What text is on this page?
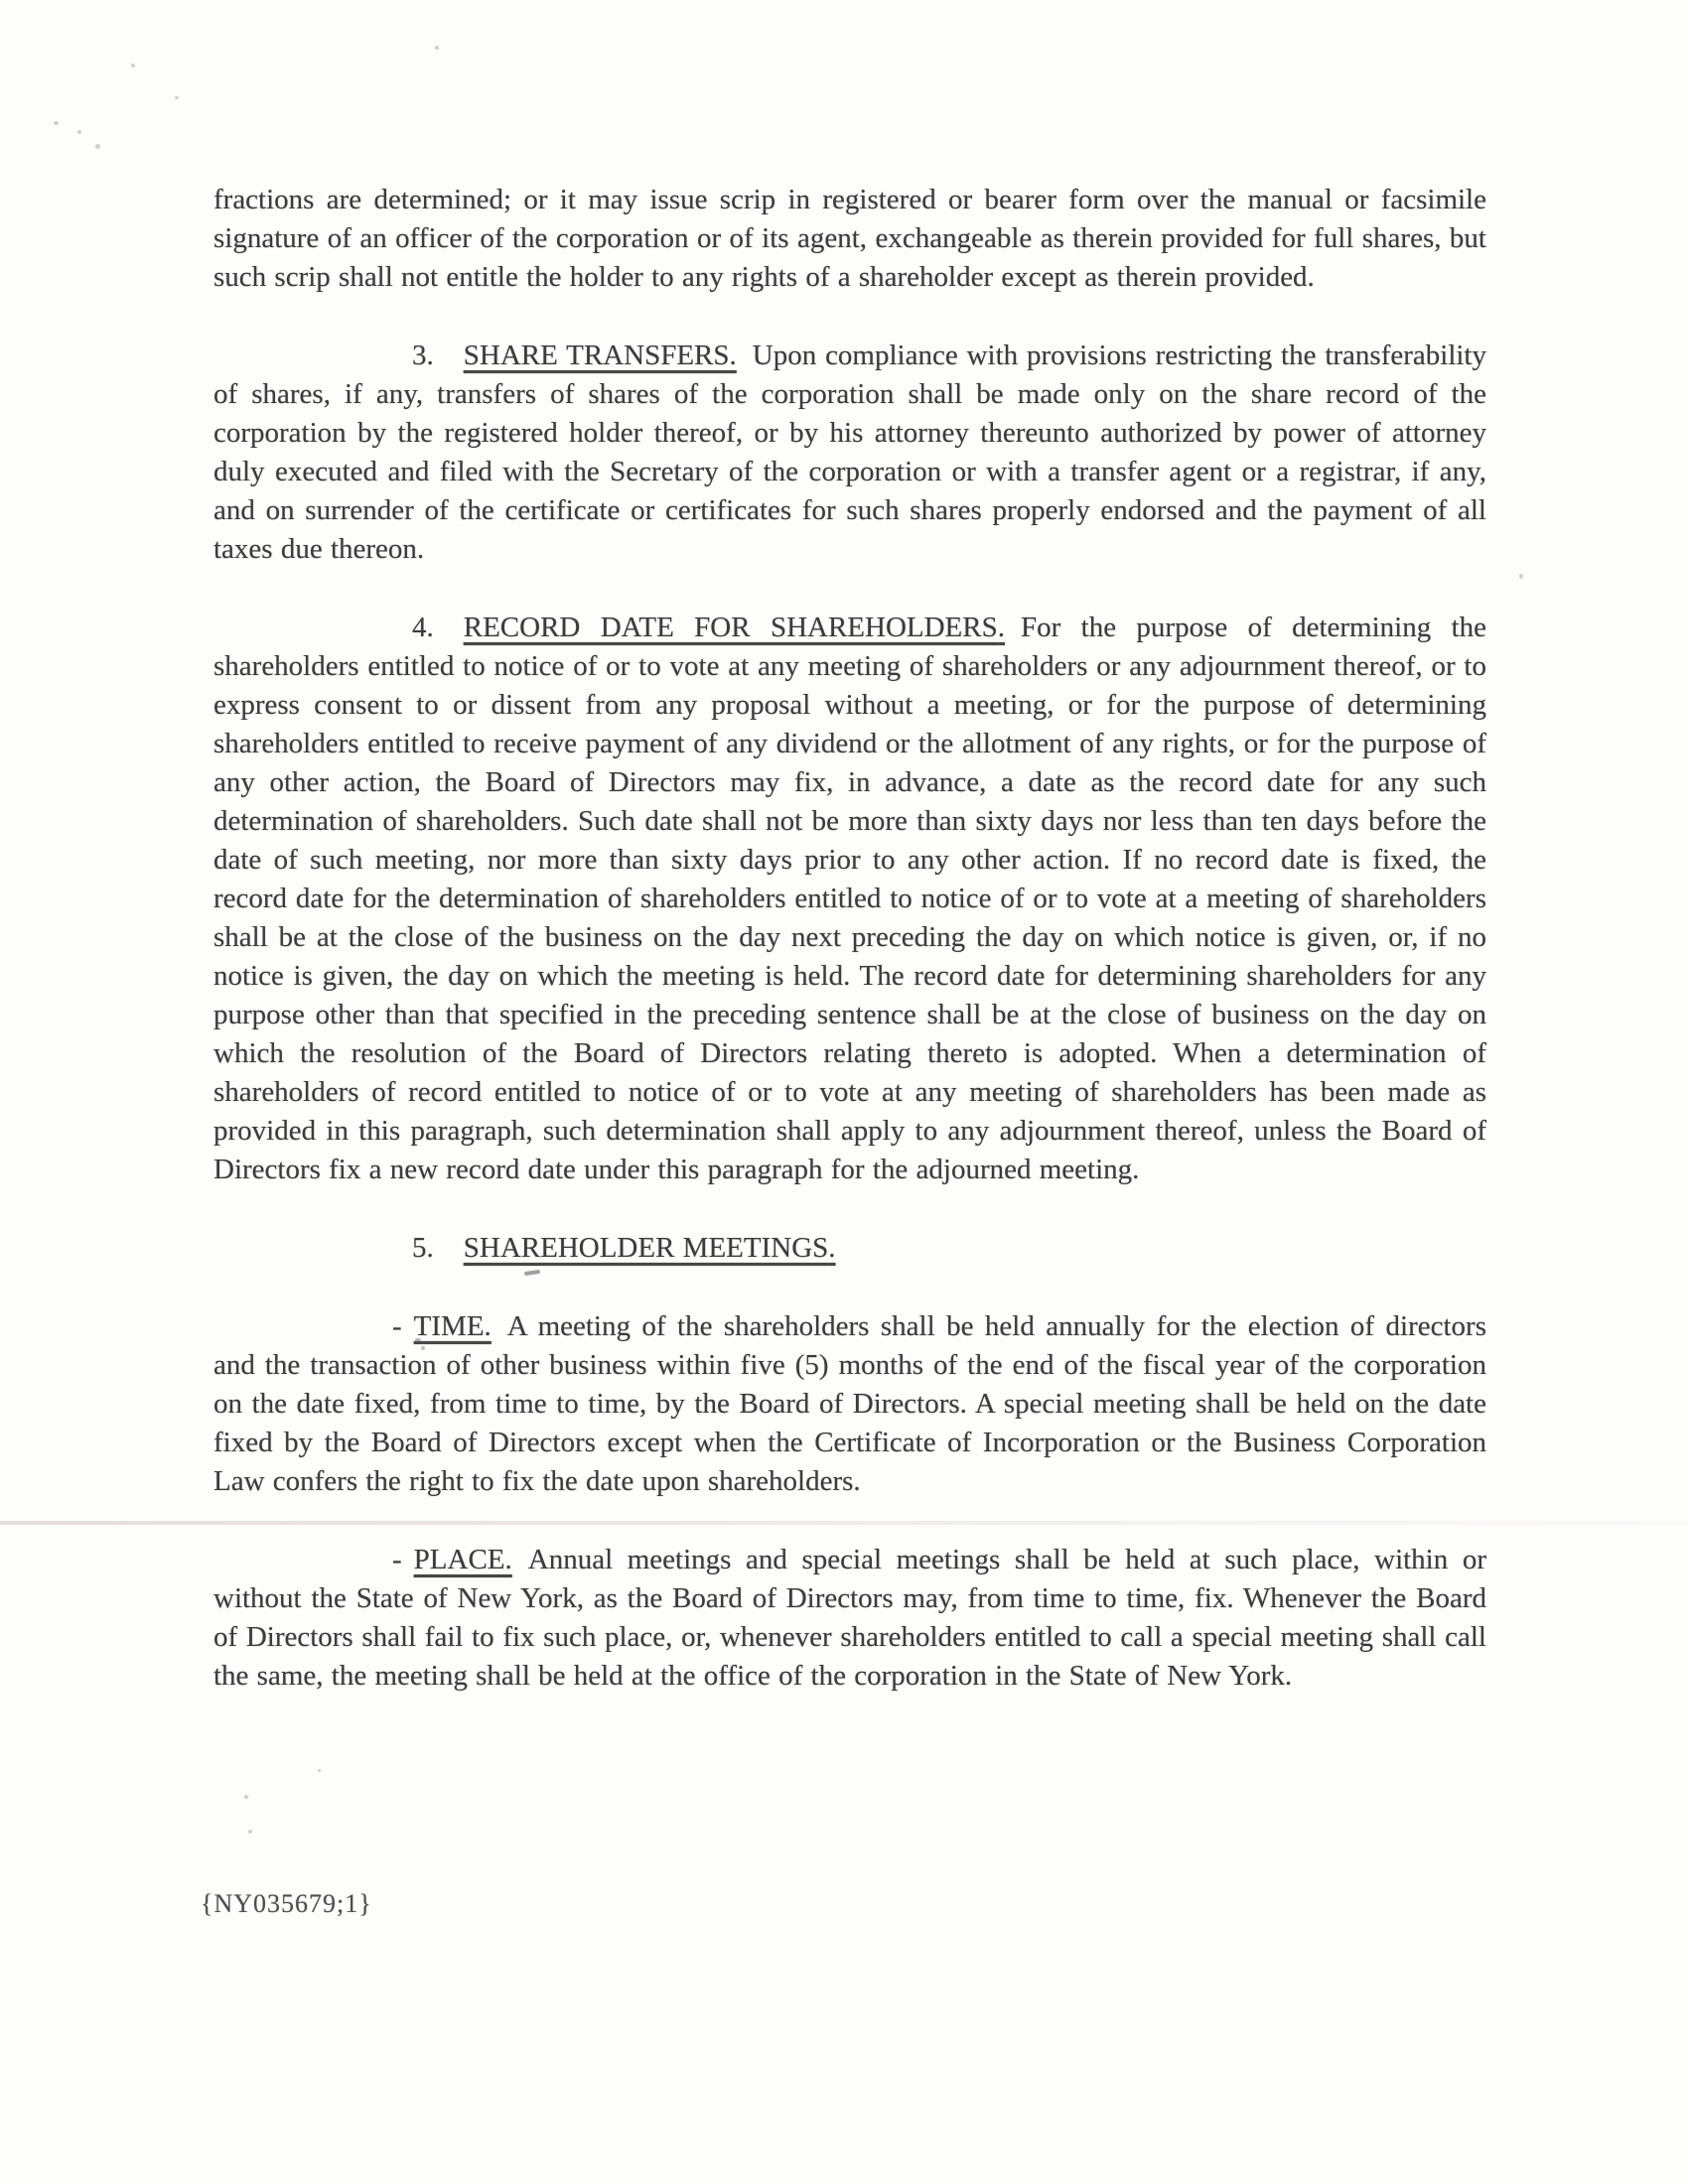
fractions are determined; or it may issue scrip in registered or bearer form over the manual or facsimile signature of an officer of the corporation or of its agent, exchangeable as therein provided for full shares, but such scrip shall not entitle the holder to any rights of a shareholder except as therein provided.

3. SHARE TRANSFERS. Upon compliance with provisions restricting the transferability of shares, if any, transfers of shares of the corporation shall be made only on the share record of the corporation by the registered holder thereof, or by his attorney thereunto authorized by power of attorney duly executed and filed with the Secretary of the corporation or with a transfer agent or a registrar, if any, and on surrender of the certificate or certificates for such shares properly endorsed and the payment of all taxes due thereon.

4. RECORD DATE FOR SHAREHOLDERS. For the purpose of determining the shareholders entitled to notice of or to vote at any meeting of shareholders or any adjournment thereof, or to express consent to or dissent from any proposal without a meeting, or for the purpose of determining shareholders entitled to receive payment of any dividend or the allotment of any rights, or for the purpose of any other action, the Board of Directors may fix, in advance, a date as the record date for any such determination of shareholders. Such date shall not be more than sixty days nor less than ten days before the date of such meeting, nor more than sixty days prior to any other action. If no record date is fixed, the record date for the determination of shareholders entitled to notice of or to vote at a meeting of shareholders shall be at the close of the business on the day next preceding the day on which notice is given, or, if no notice is given, the day on which the meeting is held. The record date for determining shareholders for any purpose other than that specified in the preceding sentence shall be at the close of business on the day on which the resolution of the Board of Directors relating thereto is adopted. When a determination of shareholders of record entitled to notice of or to vote at any meeting of shareholders has been made as provided in this paragraph, such determination shall apply to any adjournment thereof, unless the Board of Directors fix a new record date under this paragraph for the adjourned meeting.

5. SHAREHOLDER MEETINGS.

- TIME. A meeting of the shareholders shall be held annually for the election of directors and the transaction of other business within five (5) months of the end of the fiscal year of the corporation on the date fixed, from time to time, by the Board of Directors. A special meeting shall be held on the date fixed by the Board of Directors except when the Certificate of Incorporation or the Business Corporation Law confers the right to fix the date upon shareholders.

- PLACE. Annual meetings and special meetings shall be held at such place, within or without the State of New York, as the Board of Directors may, from time to time, fix. Whenever the Board of Directors shall fail to fix such place, or, whenever shareholders entitled to call a special meeting shall call the same, the meeting shall be held at the office of the corporation in the State of New York.

{NY035679;1}
